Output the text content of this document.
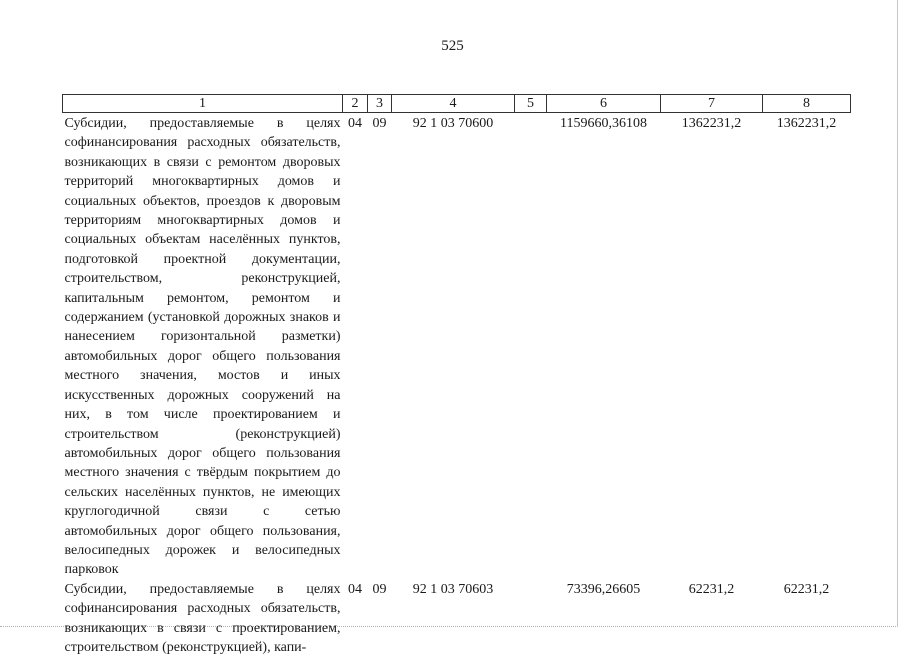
525
1	2	3	4	5	6	7	8
Субсидии, предоставляемые в целях софинансирования расходных обязательств, возникающих в связи с ремонтом дворовых территорий многоквартирных домов и социальных объектов, проездов к дворовым территориям многоквартирных домов и социальных объектам населённых пунктов, подготовкой проектной документации, строительством, реконструкцией, капитальным ремонтом, ремонтом и содержанием (установкой дорожных знаков и нанесением горизонтальной разметки) автомобильных дорог общего пользования местного значения, мостов и иных искусственных дорожных сооружений на них, в том числе проектированием и строительством (реконструкцией) автомобильных дорог общего пользования местного значения с твёрдым покрытием до сельских населённых пунктов, не имеющих круглогодичной связи с сетью автомобильных дорог общего пользования, велосипедных дорожек и велосипедных парковок	04	09	92 1 03 70600		1159660,36108	1362231,2	1362231,2
Субсидии, предоставляемые в целях софинансирования расходных обязательств, возникающих в связи с проектированием, строительством (реконструкцией), капи-	04	09	92 1 03 70603		73396,26605	62231,2	62231,2
